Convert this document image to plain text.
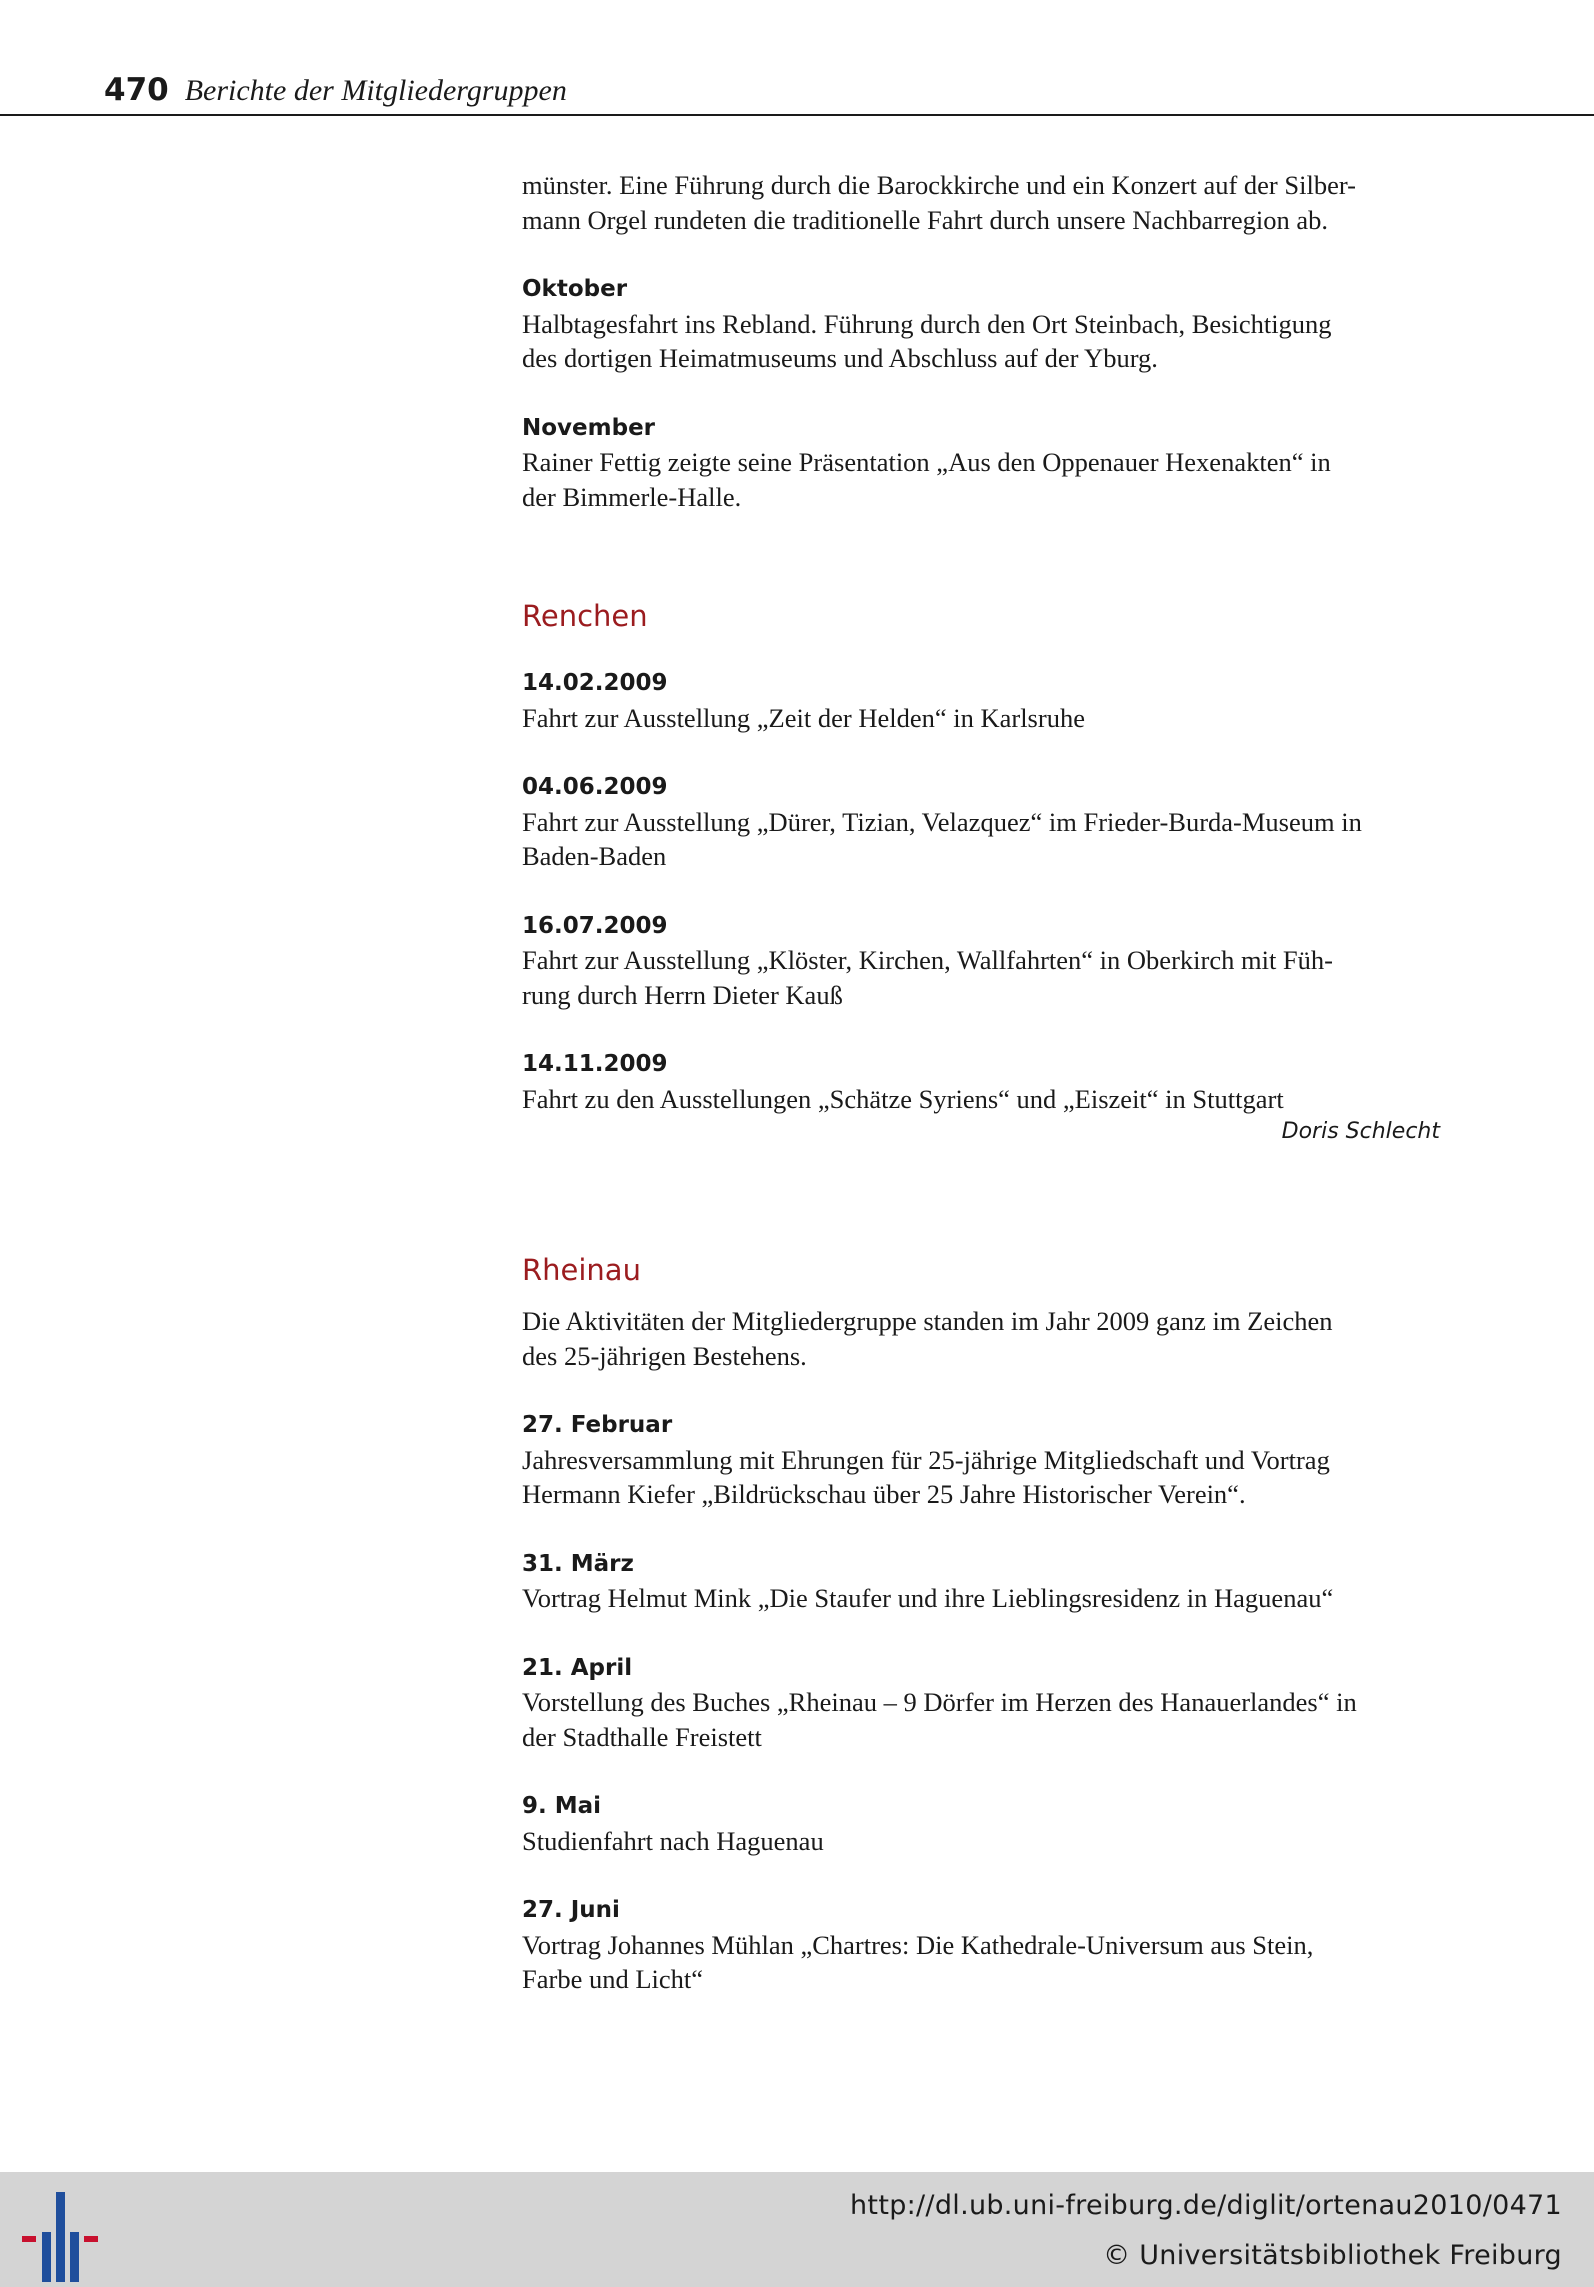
470 Berichte der Mitgliedergruppen

münster. Eine Führung durch die Barockkirche und ein Konzert auf der Silber-

mann Orgel rundeten die traditionelle Fahrt durch unsere Nachbarregion ab.

Oktober

Halbtagesfahrt ins Rebland. Führung durch den Ort Steinbach, Besichtigung

des dortigen Heimatmuseums und Abschluss auf der Yburg.

November

Rainer Fettig zeigte seine Präsentation „Aus den Oppenauer Hexenakten“ in

der Bimmerle-Halle.

Renchen

14.02.2009

Fahrt zur Ausstellung „Zeit der Helden“ in Karlsruhe

04.06.2009

Fahrt zur Ausstellung „Dürer, Tizian, Velazquez“ im Frieder-Burda-Museum in

Baden-Baden

16.07.2009

Fahrt zur Ausstellung „Klöster, Kirchen, Wallfahrten“ in Oberkirch mit Füh-

rung durch Herrn Dieter Kauß

14.11.2009

Fahrt zu den Ausstellungen „Schätze Syriens“ und „Eiszeit“ in Stuttgart

Doris Schlecht

Rheinau

Die Aktivitäten der Mitgliedergruppe standen im Jahr 2009 ganz im Zeichen

des 25-jährigen Bestehens.

27. Februar

Jahresversammlung mit Ehrungen für 25-jährige Mitgliedschaft und Vortrag

Hermann Kiefer „Bildrückschau über 25 Jahre Historischer Verein“.

31. März

Vortrag Helmut Mink „Die Staufer und ihre Lieblingsresidenz in Haguenau“

21. April

Vorstellung des Buches „Rheinau – 9 Dörfer im Herzen des Hanauerlandes“ in

der Stadthalle Freistett

9. Mai

Studienfahrt nach Haguenau

27. Juni

Vortrag Johannes Mühlan „Chartres: Die Kathedrale-Universum aus Stein,

Farbe und Licht“

http://dl.ub.uni-freiburg.de/diglit/ortenau2010/0471
© Universitätsbibliothek Freiburg
